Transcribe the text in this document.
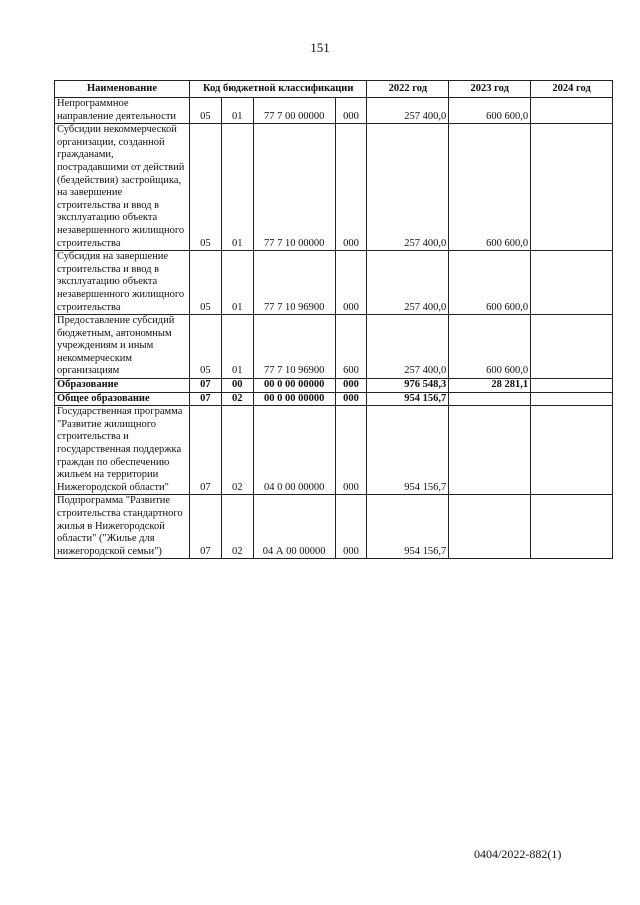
151
Наименование	Код бюджетной классификации				2022 год	2023 год	2024 год
Непрограммное направление деятельности	05	01	77 7 00 00000	000	257 400,0	600 600,0	
Субсидии некоммерческой организации, созданной гражданами, пострадавшими от действий (бездействия) застройщика, на завершение строительства и ввод в эксплуатацию объекта незавершенного жилищного строительства	05	01	77 7 10 00000	000	257 400,0	600 600,0	
Субсидия на завершение строительства и ввод в эксплуатацию объекта незавершенного жилищного строительства	05	01	77 7 10 96900	000	257 400,0	600 600,0	
Предоставление субсидий бюджетным, автономным учреждениям и иным некоммерческим организациям	05	01	77 7 10 96900	600	257 400,0	600 600,0	
Образование	07	00	00 0 00 00000	000	976 548,3	28 281,1	
Общее образование	07	02	00 0 00 00000	000	954 156,7		
Государственная программа "Развитие жилищного строительства и государственная поддержка граждан по обеспечению жильем на территории Нижегородской области"	07	02	04 0 00 00000	000	954 156,7		
Подпрограмма "Развитие строительства стандартного жилья в Нижегородской области" ("Жилье для нижегородской семьи")	07	02	04 А 00 00000	000	954 156,7		
0404/2022-882(1)
